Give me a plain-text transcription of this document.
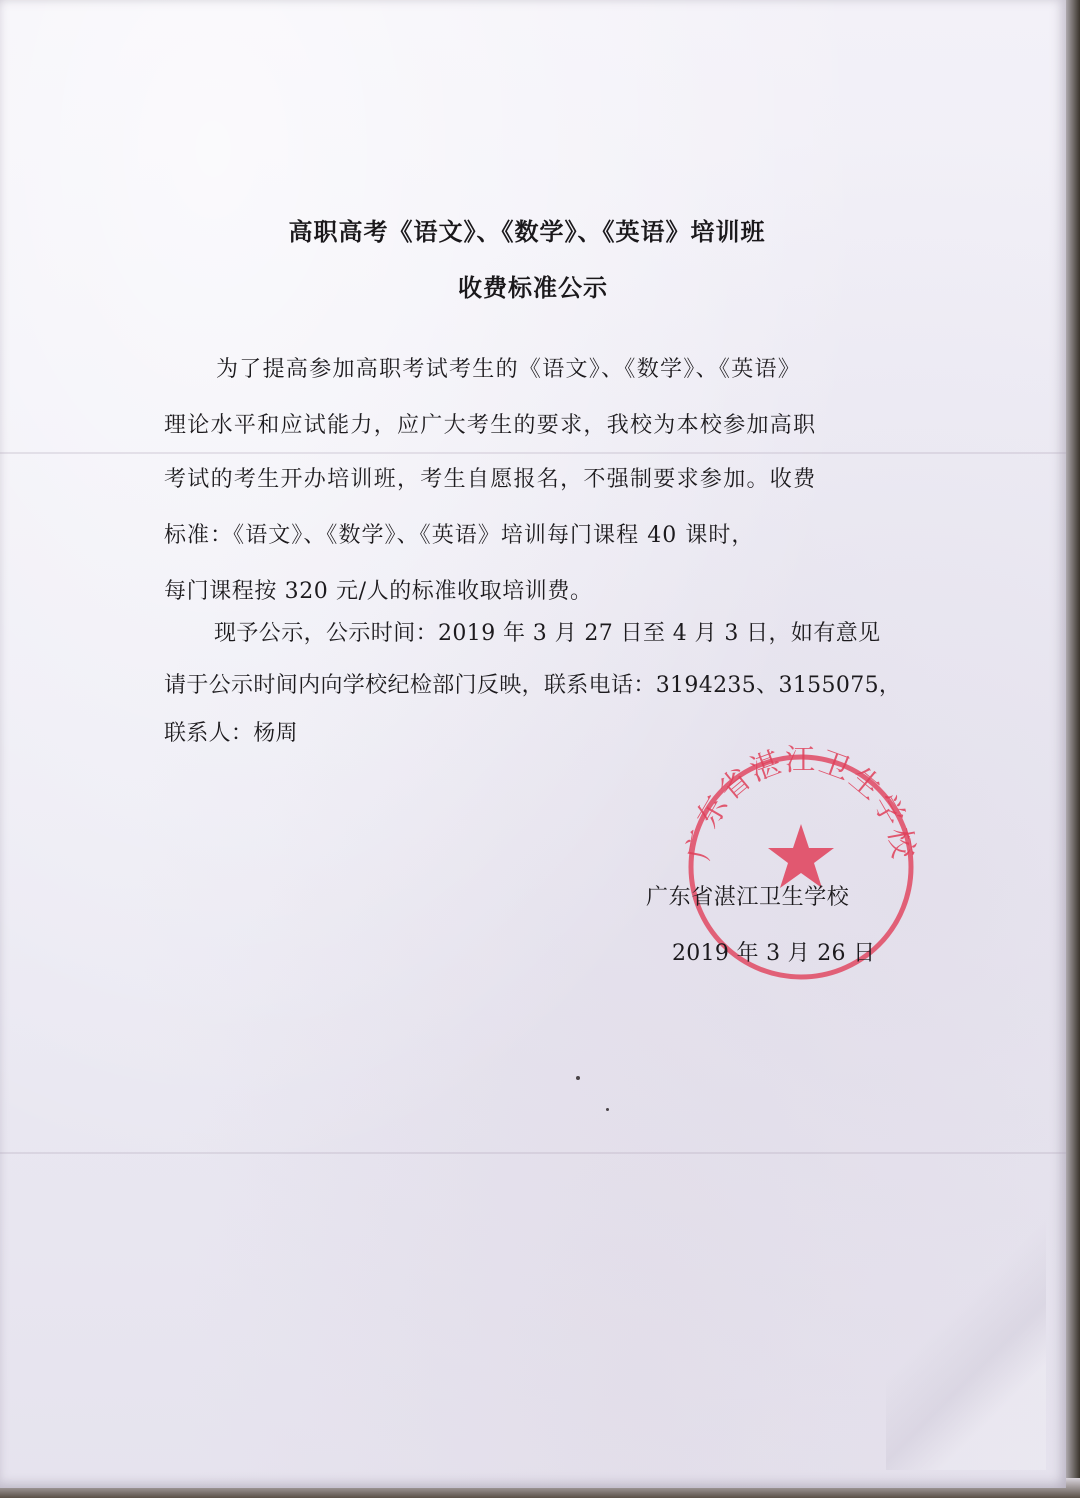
高职高考《语文》、《数学》、《英语》培训班
收费标准公示
为了提高参加高职考试考生的《语文》、《数学》、《英语》
理论水平和应试能力，应广大考生的要求，我校为本校参加高职
考试的考生开办培训班，考生自愿报名，不强制要求参加。收费
标准：《语文》、《数学》、《英语》培训每门课程 40 课时，
每门课程按 320 元/人的标准收取培训费。
现予公示，公示时间：2019 年 3 月 27 日至 4 月 3 日，如有意见
请于公示时间内向学校纪检部门反映，联系电话：3194235、3155075，
联系人：杨周
广东省湛江卫生学校
广东省湛江卫生学校
2019 年 3 月 26 日
